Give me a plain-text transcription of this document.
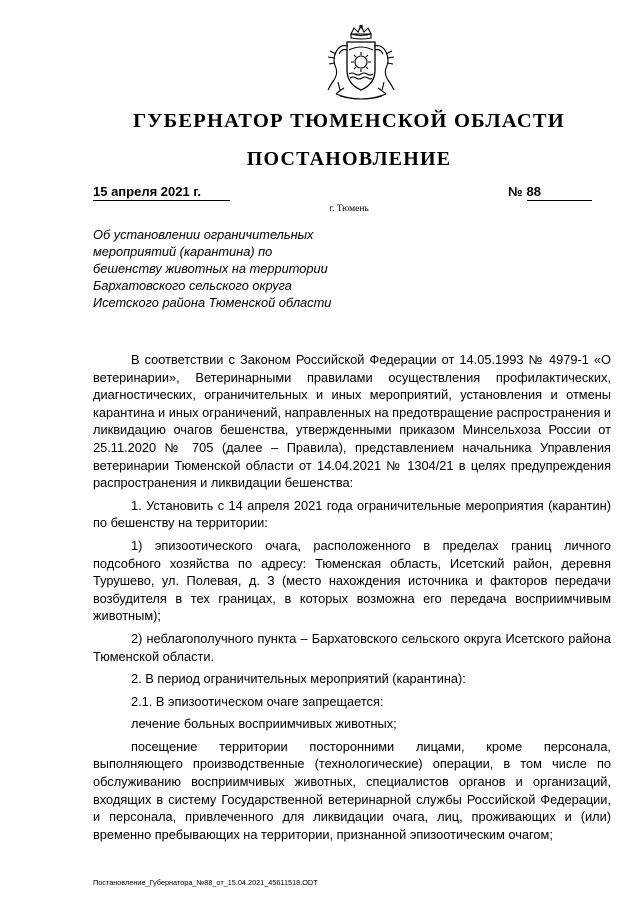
ГУБЕРНАТОР ТЮМЕНСКОЙ ОБЛАСТИ
ПОСТАНОВЛЕНИЕ
15 апреля 2021 г.	№ 88
г. Тюмень
Об установлении ограничительных
мероприятий (карантина) по
бешенству животных на территории
Бархатовского сельского округа
Исетского района Тюменской области

В соответствии с Законом Российской Федерации от 14.05.1993 № 4979-1 «О ветеринарии», Ветеринарными правилами осуществления профилактических, диагностических, ограничительных и иных мероприятий, установления и отмены карантина и иных ограничений, направленных на предотвращение распространения и ликвидацию очагов бешенства, утвержденными приказом Минсельхоза России от 25.11.2020 № 705 (далее – Правила), представлением начальника Управления ветеринарии Тюменской области от 14.04.2021 № 1304/21 в целях предупреждения распространения и ликвидации бешенства:

1. Установить с 14 апреля 2021 года ограничительные мероприятия (карантин) по бешенству на территории:

1) эпизоотического очага, расположенного в пределах границ личного подсобного хозяйства по адресу: Тюменская область, Исетский район, деревня Турушево, ул. Полевая, д. 3 (место нахождения источника и факторов передачи возбудителя в тех границах, в которых возможна его передача восприимчивым животным);

2) неблагополучного пункта – Бархатовского сельского округа Исетского района Тюменской области.

2. В период ограничительных мероприятий (карантина):

2.1. В эпизоотическом очаге запрещается:

лечение больных восприимчивых животных;

посещение территории посторонними лицами, кроме персонала, выполняющего производственные (технологические) операции, в том числе по обслуживанию восприимчивых животных, специалистов органов и организаций, входящих в систему Государственной ветеринарной службы Российской Федерации, и персонала, привлеченного для ликвидации очага, лиц, проживающих и (или) временно пребывающих на территории, признанной эпизоотическим очагом;

Постановление_Губернатора_№88_от_15.04.2021_45611518.ODT
